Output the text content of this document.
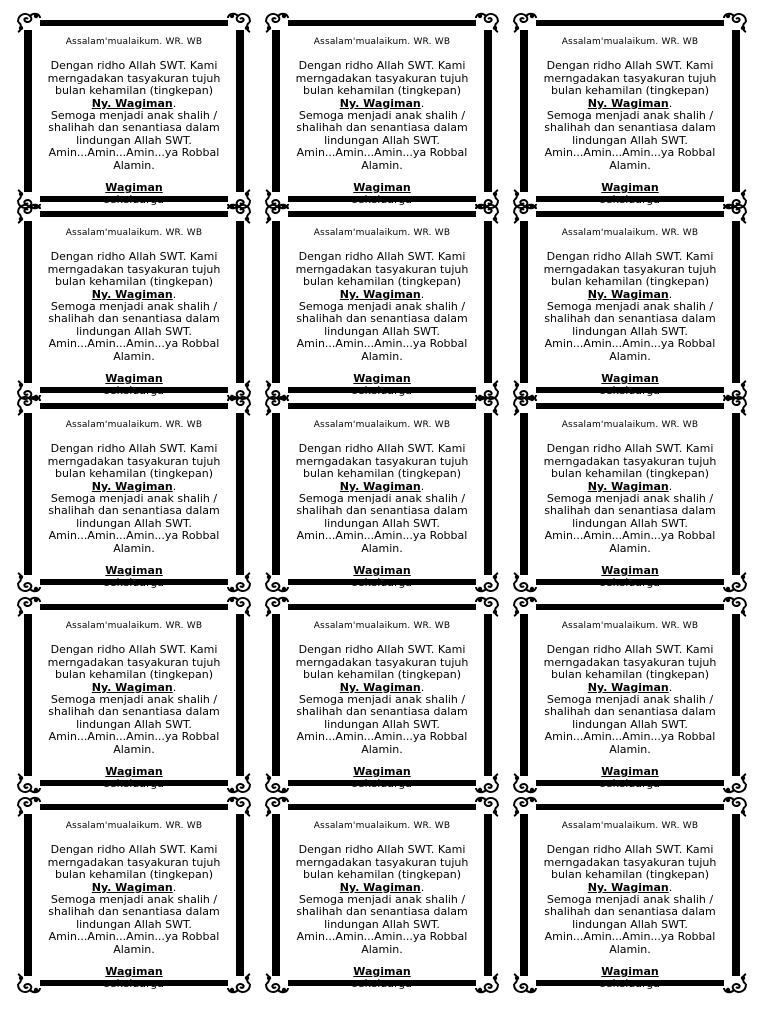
Assalam'mualaikum. WR. WB
Dengan ridho Allah SWT. Kami merngadakan tasyakuran tujuh bulan kehamilan (tingkepan)
Ny. Wagiman.
Semoga menjadi anak shalih / shalihah dan senantiasa dalam lindungan Allah SWT. Amin...Amin...Amin...ya Robbal Alamin.
Wagiman
sekeluarga
Assalam'mualaikum. WR. WB
Dengan ridho Allah SWT. Kami merngadakan tasyakuran tujuh bulan kehamilan (tingkepan)
Ny. Wagiman.
Semoga menjadi anak shalih / shalihah dan senantiasa dalam lindungan Allah SWT. Amin...Amin...Amin...ya Robbal Alamin.
Wagiman
sekeluarga
Assalam'mualaikum. WR. WB
Dengan ridho Allah SWT. Kami merngadakan tasyakuran tujuh bulan kehamilan (tingkepan)
Ny. Wagiman.
Semoga menjadi anak shalih / shalihah dan senantiasa dalam lindungan Allah SWT. Amin...Amin...Amin...ya Robbal Alamin.
Wagiman
sekeluarga
Assalam'mualaikum. WR. WB
Dengan ridho Allah SWT. Kami merngadakan tasyakuran tujuh bulan kehamilan (tingkepan)
Ny. Wagiman.
Semoga menjadi anak shalih / shalihah dan senantiasa dalam lindungan Allah SWT. Amin...Amin...Amin...ya Robbal Alamin.
Wagiman
sekeluarga
Assalam'mualaikum. WR. WB
Dengan ridho Allah SWT. Kami merngadakan tasyakuran tujuh bulan kehamilan (tingkepan)
Ny. Wagiman.
Semoga menjadi anak shalih / shalihah dan senantiasa dalam lindungan Allah SWT. Amin...Amin...Amin...ya Robbal Alamin.
Wagiman
sekeluarga
Assalam'mualaikum. WR. WB
Dengan ridho Allah SWT. Kami merngadakan tasyakuran tujuh bulan kehamilan (tingkepan)
Ny. Wagiman.
Semoga menjadi anak shalih / shalihah dan senantiasa dalam lindungan Allah SWT. Amin...Amin...Amin...ya Robbal Alamin.
Wagiman
sekeluarga
Assalam'mualaikum. WR. WB
Dengan ridho Allah SWT. Kami merngadakan tasyakuran tujuh bulan kehamilan (tingkepan)
Ny. Wagiman.
Semoga menjadi anak shalih / shalihah dan senantiasa dalam lindungan Allah SWT. Amin...Amin...Amin...ya Robbal Alamin.
Wagiman
sekeluarga
Assalam'mualaikum. WR. WB
Dengan ridho Allah SWT. Kami merngadakan tasyakuran tujuh bulan kehamilan (tingkepan)
Ny. Wagiman.
Semoga menjadi anak shalih / shalihah dan senantiasa dalam lindungan Allah SWT. Amin...Amin...Amin...ya Robbal Alamin.
Wagiman
sekeluarga
Assalam'mualaikum. WR. WB
Dengan ridho Allah SWT. Kami merngadakan tasyakuran tujuh bulan kehamilan (tingkepan)
Ny. Wagiman.
Semoga menjadi anak shalih / shalihah dan senantiasa dalam lindungan Allah SWT. Amin...Amin...Amin...ya Robbal Alamin.
Wagiman
sekeluarga
Assalam'mualaikum. WR. WB
Dengan ridho Allah SWT. Kami merngadakan tasyakuran tujuh bulan kehamilan (tingkepan)
Ny. Wagiman.
Semoga menjadi anak shalih / shalihah dan senantiasa dalam lindungan Allah SWT. Amin...Amin...Amin...ya Robbal Alamin.
Wagiman
sekeluarga
Assalam'mualaikum. WR. WB
Dengan ridho Allah SWT. Kami merngadakan tasyakuran tujuh bulan kehamilan (tingkepan)
Ny. Wagiman.
Semoga menjadi anak shalih / shalihah dan senantiasa dalam lindungan Allah SWT. Amin...Amin...Amin...ya Robbal Alamin.
Wagiman
sekeluarga
Assalam'mualaikum. WR. WB
Dengan ridho Allah SWT. Kami merngadakan tasyakuran tujuh bulan kehamilan (tingkepan)
Ny. Wagiman.
Semoga menjadi anak shalih / shalihah dan senantiasa dalam lindungan Allah SWT. Amin...Amin...Amin...ya Robbal Alamin.
Wagiman
sekeluarga
Assalam'mualaikum. WR. WB
Dengan ridho Allah SWT. Kami merngadakan tasyakuran tujuh bulan kehamilan (tingkepan)
Ny. Wagiman.
Semoga menjadi anak shalih / shalihah dan senantiasa dalam lindungan Allah SWT. Amin...Amin...Amin...ya Robbal Alamin.
Wagiman
sekeluarga
Assalam'mualaikum. WR. WB
Dengan ridho Allah SWT. Kami merngadakan tasyakuran tujuh bulan kehamilan (tingkepan)
Ny. Wagiman.
Semoga menjadi anak shalih / shalihah dan senantiasa dalam lindungan Allah SWT. Amin...Amin...Amin...ya Robbal Alamin.
Wagiman
sekeluarga
Assalam'mualaikum. WR. WB
Dengan ridho Allah SWT. Kami merngadakan tasyakuran tujuh bulan kehamilan (tingkepan)
Ny. Wagiman.
Semoga menjadi anak shalih / shalihah dan senantiasa dalam lindungan Allah SWT. Amin...Amin...Amin...ya Robbal Alamin.
Wagiman
sekeluarga
